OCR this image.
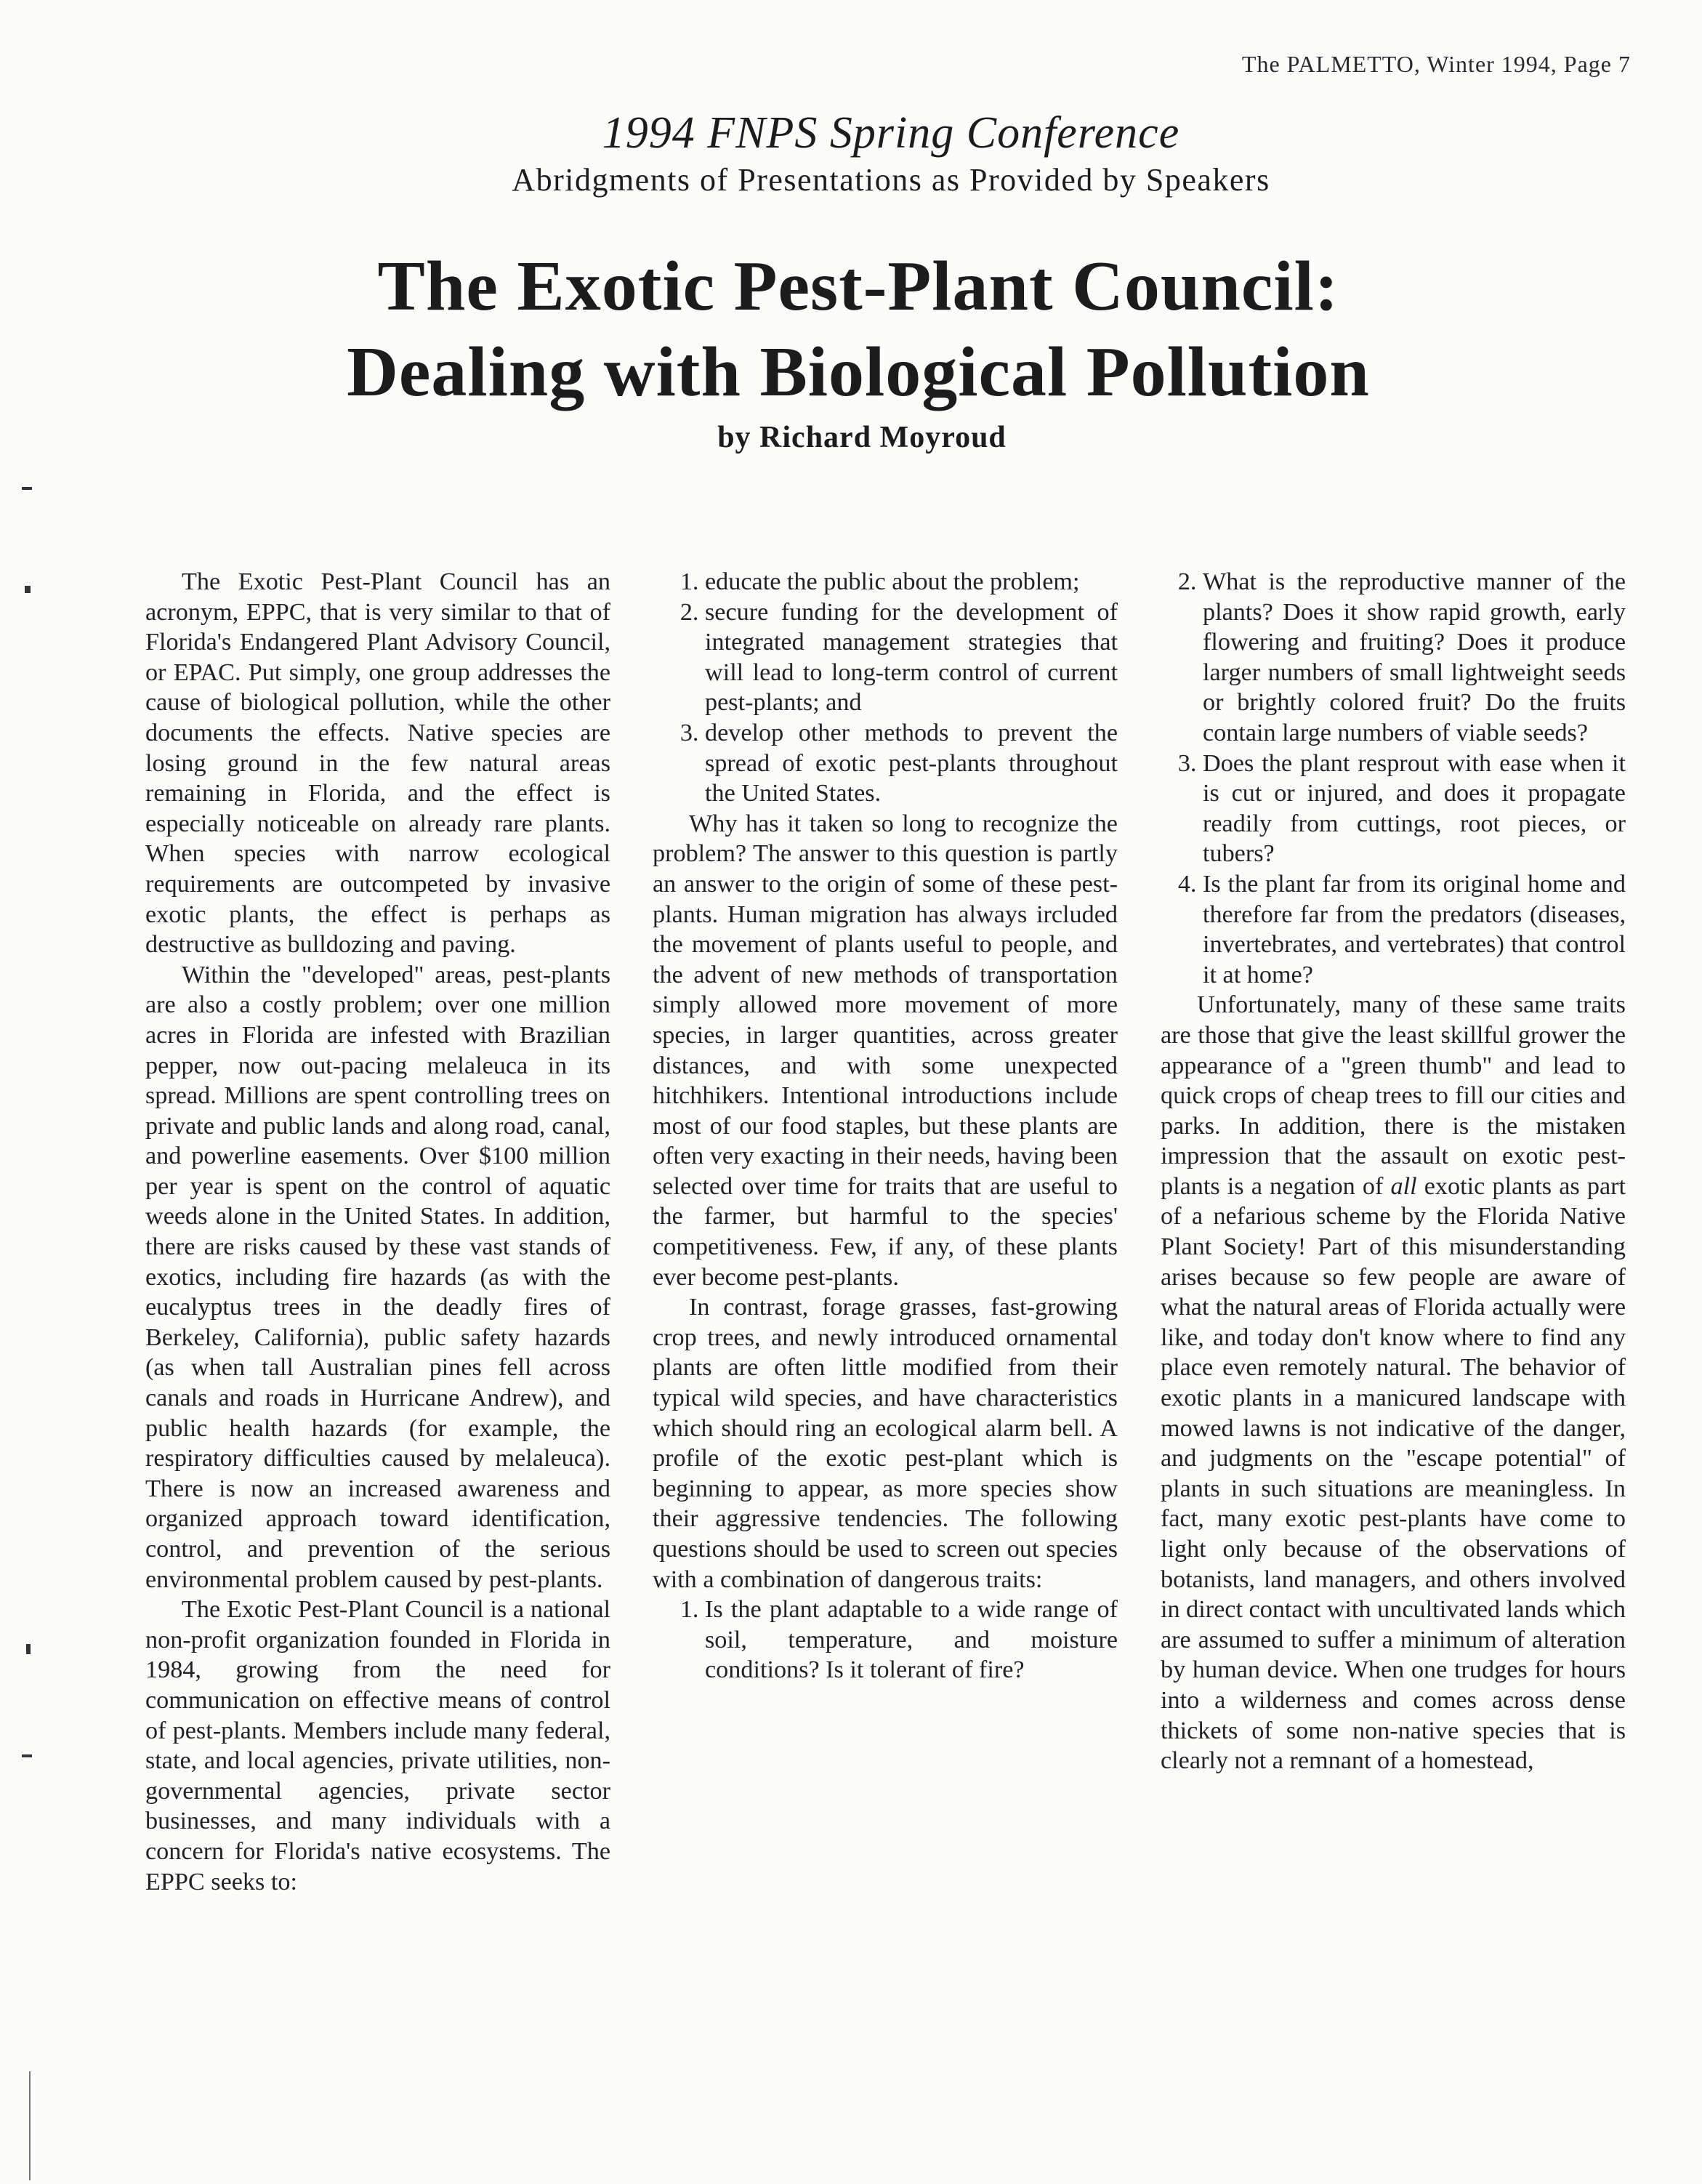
The PALMETTO, Winter 1994, Page 7
1994 FNPS Spring Conference
Abridgments of Presentations as Provided by Speakers
The Exotic Pest-Plant Council:
Dealing with Biological Pollution
by Richard Moyroud

The Exotic Pest-Plant Council has an acronym, EPPC, that is very similar to that of Florida's Endangered Plant Advisory Council, or EPAC. Put simply, one group addresses the cause of biological pollution, while the other documents the effects. Native species are losing ground in the few natural areas remaining in Florida, and the effect is especially noticeable on already rare plants. When species with narrow ecological requirements are outcompeted by invasive exotic plants, the effect is perhaps as destructive as bulldozing and paving.

Within the "developed" areas, pest-plants are also a costly problem; over one million acres in Florida are infested with Brazilian pepper, now out-pacing melaleuca in its spread. Millions are spent controlling trees on private and public lands and along road, canal, and powerline easements. Over $100 million per year is spent on the control of aquatic weeds alone in the United States. In addition, there are risks caused by these vast stands of exotics, including fire hazards (as with the eucalyptus trees in the deadly fires of Berkeley, California), public safety hazards (as when tall Australian pines fell across canals and roads in Hurricane Andrew), and public health hazards (for example, the respiratory difficulties caused by melaleuca). There is now an increased awareness and organized approach toward identification, control, and prevention of the serious environmental problem caused by pest-plants.

The Exotic Pest-Plant Council is a national non-profit organization founded in Florida in 1984, growing from the need for communication on effective means of control of pest-plants. Members include many federal, state, and local agencies, private utilities, non-governmental agencies, private sector businesses, and many individuals with a concern for Florida's native ecosystems. The EPPC seeks to:

1. educate the public about the problem;
2. secure funding for the development of integrated management strategies that will lead to long-term control of current pest-plants; and
3. develop other methods to prevent the spread of exotic pest-plants throughout the United States.

Why has it taken so long to recognize the problem? The answer to this question is partly an answer to the origin of some of these pest-plants. Human migration has always ircluded the movement of plants useful to people, and the advent of new methods of transportation simply allowed more movement of more species, in larger quantities, across greater distances, and with some unexpected hitchhikers. Intentional introductions include most of our food staples, but these plants are often very exacting in their needs, having been selected over time for traits that are useful to the farmer, but harmful to the species' competitiveness. Few, if any, of these plants ever become pest-plants.

In contrast, forage grasses, fast-growing crop trees, and newly introduced ornamental plants are often little modified from their typical wild species, and have characteristics which should ring an ecological alarm bell. A profile of the exotic pest-plant which is beginning to appear, as more species show their aggressive tendencies. The following questions should be used to screen out species with a combination of dangerous traits:

1. Is the plant adaptable to a wide range of soil, temperature, and moisture conditions? Is it tolerant of fire?
2. What is the reproductive manner of the plants? Does it show rapid growth, early flowering and fruiting? Does it produce larger numbers of small lightweight seeds or brightly colored fruit? Do the fruits contain large numbers of viable seeds?
3. Does the plant resprout with ease when it is cut or injured, and does it propagate readily from cuttings, root pieces, or tubers?
4. Is the plant far from its original home and therefore far from the predators (diseases, invertebrates, and vertebrates) that control it at home?

Unfortunately, many of these same traits are those that give the least skillful grower the appearance of a "green thumb" and lead to quick crops of cheap trees to fill our cities and parks. In addition, there is the mistaken impression that the assault on exotic pest-plants is a negation of all exotic plants as part of a nefarious scheme by the Florida Native Plant Society! Part of this misunderstanding arises because so few people are aware of what the natural areas of Florida actually were like, and today don't know where to find any place even remotely natural. The behavior of exotic plants in a manicured landscape with mowed lawns is not indicative of the danger, and judgments on the "escape potential" of plants in such situations are meaningless. In fact, many exotic pest-plants have come to light only because of the observations of botanists, land managers, and others involved in direct contact with uncultivated lands which are assumed to suffer a minimum of alteration by human device. When one trudges for hours into a wilderness and comes across dense thickets of some non-native species that is clearly not a remnant of a homestead,
